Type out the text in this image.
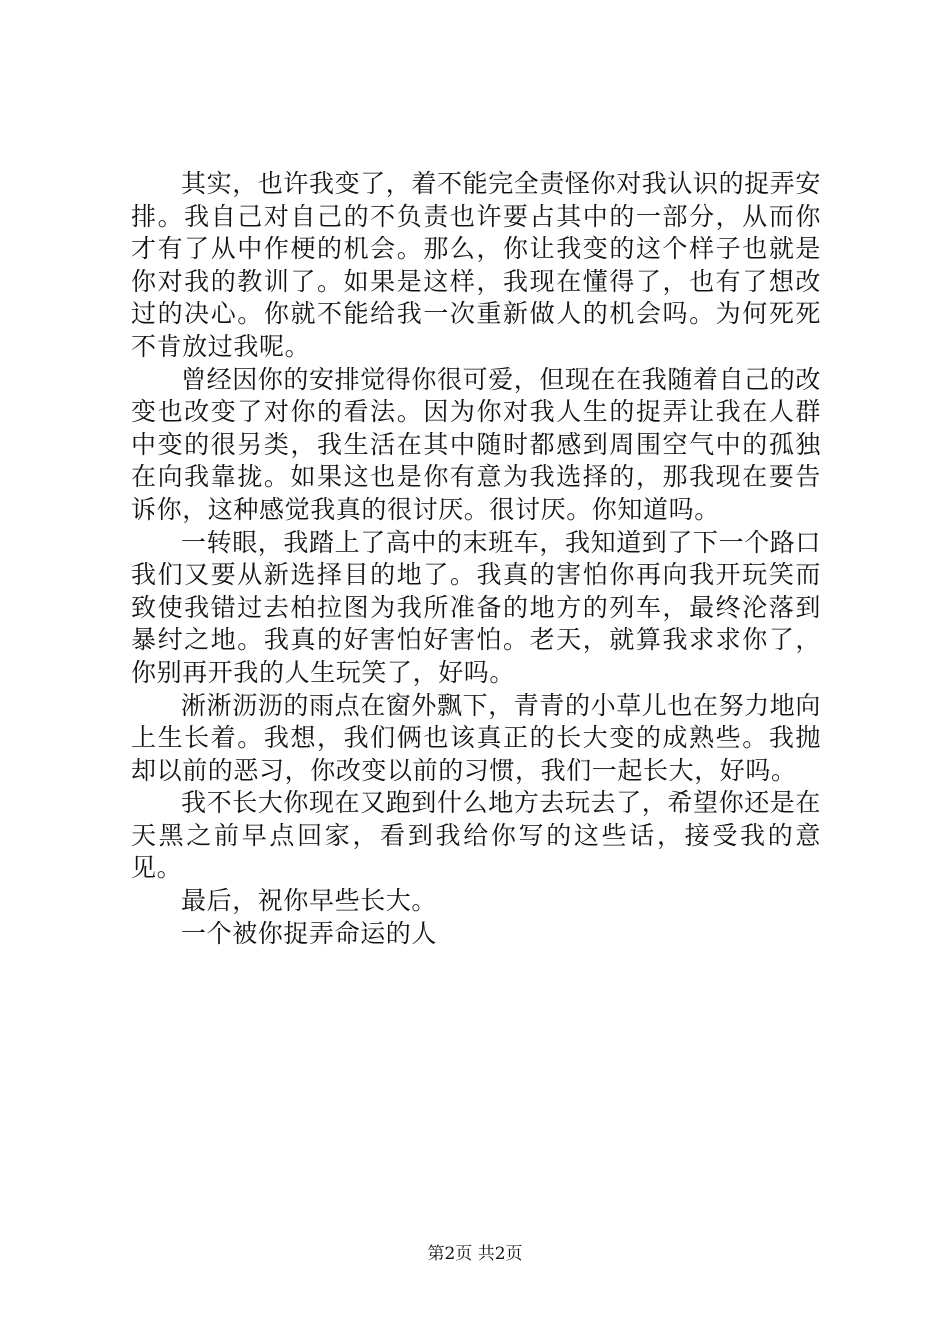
其实，也许我变了，着不能完全责怪你对我认识的捉弄安排。我自己对自己的不负责也许要占其中的一部分，从而你才有了从中作梗的机会。那么，你让我变的这个样子也就是你对我的教训了。如果是这样，我现在懂得了，也有了想改过的决心。你就不能给我一次重新做人的机会吗。为何死死不肯放过我呢。

曾经因你的安排觉得你很可爱，但现在在我随着自己的改变也改变了对你的看法。因为你对我人生的捉弄让我在人群中变的很另类，我生活在其中随时都感到周围空气中的孤独在向我靠拢。如果这也是你有意为我选择的，那我现在要告诉你，这种感觉我真的很讨厌。很讨厌。你知道吗。

一转眼，我踏上了高中的末班车，我知道到了下一个路口我们又要从新选择目的地了。我真的害怕你再向我开玩笑而致使我错过去柏拉图为我所准备的地方的列车，最终沦落到暴纣之地。我真的好害怕好害怕。老天，就算我求求你了，你别再开我的人生玩笑了，好吗。

淅淅沥沥的雨点在窗外飘下，青青的小草儿也在努力地向上生长着。我想，我们俩也该真正的长大变的成熟些。我抛却以前的恶习，你改变以前的习惯，我们一起长大，好吗。

我不长大你现在又跑到什么地方去玩去了，希望你还是在天黑之前早点回家，看到我给你写的这些话，接受我的意见。

最后，祝你早些长大。

一个被你捉弄命运的人

第2页 共2页
